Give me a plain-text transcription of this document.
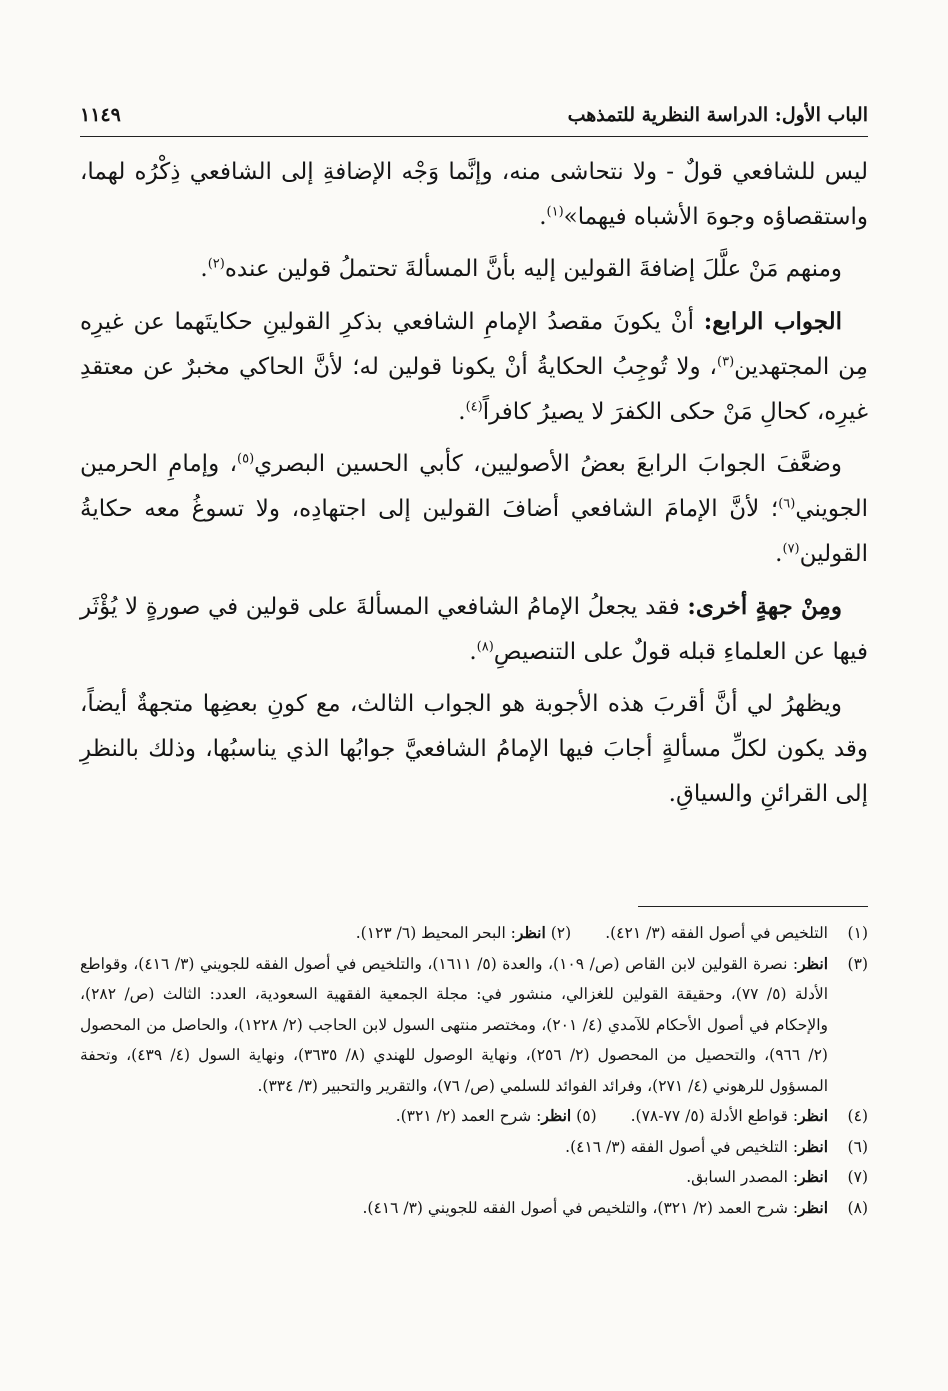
الباب الأول: الدراسة النظرية للتمذهب
١١٤٩

ليس للشافعي قولٌ - ولا نتحاشى منه، وإنَّما وَجْه الإضافةِ إلى الشافعي ذِكْرُه لهما، واستقصاؤه وجوهَ الأشباه فيهما»$^{(١)}$.

ومنهم مَنْ علَّلَ إضافةَ القولين إليه بأنَّ المسألةَ تحتملُ قولين عنده$^{(٢)}$.

الجواب الرابع: أنْ يكونَ مقصدُ الإمامِ الشافعي بذكرِ القولينِ حكايتَهما عن غيرِه مِن المجتهدين$^{(٣)}$، ولا تُوجِبُ الحكايةُ أنْ يكونا قولين له؛ لأنَّ الحاكي مخبرٌ عن معتقدِ غيرِه، كحالِ مَنْ حكى الكفرَ لا يصيرُ كافراً$^{(٤)}$.

وضعَّفَ الجوابَ الرابعَ بعضُ الأصوليين، كأبي الحسين البصري$^{(٥)}$، وإمامِ الحرمين الجويني$^{(٦)}$؛ لأنَّ الإمامَ الشافعي أضافَ القولين إلى اجتهادِه، ولا تسوغُ معه حكايةُ القولين$^{(٧)}$.

ومِنْ جهةٍ أخرى: فقد يجعلُ الإمامُ الشافعي المسألةَ على قولين في صورةٍ لا يُؤْثَر فيها عن العلماءِ قبله قولٌ على التنصيصِ$^{(٨)}$.

ويظهرُ لي أنَّ أقربَ هذه الأجوبة هو الجواب الثالث، مع كونِ بعضِها متجهةٌ أيضاً، وقد يكون لكلِّ مسألةٍ أجابَ فيها الإمامُ الشافعيَّ جوابُها الذي يناسبُها، وذلك بالنظرِ إلى القرائنِ والسياقِ.

(١)
التلخيص في أصول الفقه (٣/ ٤٢١).
(٢) انظر: البحر المحيط (٦/ ١٢٣).
(٣)
انظر: نصرة القولين لابن القاص (ص/ ١٠٩)، والعدة (٥/ ١٦١١)، والتلخيص في أصول الفقه للجويني (٣/ ٤١٦)، وقواطع الأدلة (٥/ ٧٧)، وحقيقة القولين للغزالي، منشور في: مجلة الجمعية الفقهية السعودية، العدد: الثالث (ص/ ٢٨٢)، والإحكام في أصول الأحكام للآمدي (٤/ ٢٠١)، ومختصر منتهى السول لابن الحاجب (٢/ ١٢٢٨)، والحاصل من المحصول (٢/ ٩٦٦)، والتحصيل من المحصول (٢/ ٢٥٦)، ونهاية الوصول للهندي (٨/ ٣٦٣٥)، ونهاية السول (٤/ ٤٣٩)، وتحفة المسؤول للرهوني (٤/ ٢٧١)، وفرائد الفوائد للسلمي (ص/ ٧٦)، والتقرير والتحبير (٣/ ٣٣٤).
(٤)
انظر: قواطع الأدلة (٥/ ٧٧-٧٨).
(٥) انظر: شرح العمد (٢/ ٣٢١).
(٦)
انظر: التلخيص في أصول الفقه (٣/ ٤١٦).
(٧)
انظر: المصدر السابق.
(٨)
انظر: شرح العمد (٢/ ٣٢١)، والتلخيص في أصول الفقه للجويني (٣/ ٤١٦).
